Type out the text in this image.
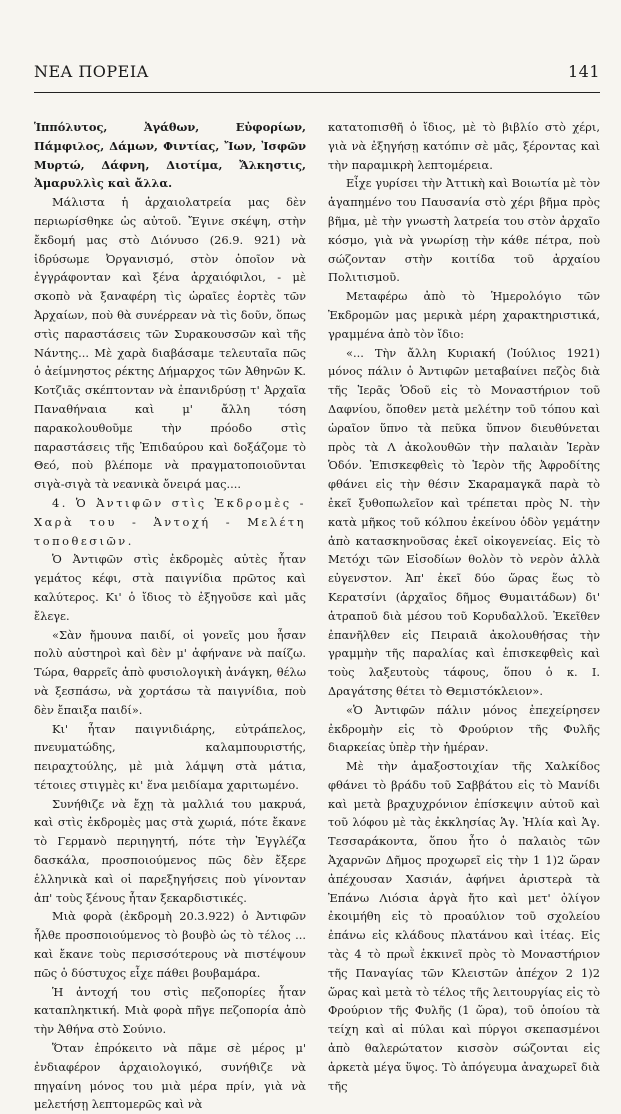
ΝΕΑ ΠΟΡΕΙΑ	141

Ἱππόλυτος, Ἀγάθων, Εὐφορίων, Πάμφιλος, Δάμων, Φιντίας, Ἴων, Ἰσφῶν Μυρτώ, Δάφνη, Διοτίμα, Ἄλκηστις, Ἀμαρυλλὶς καὶ ἄλλα.

Μάλιστα ἡ ἀρχαιολατρεία μας δὲν περιωρίσθηκε ὡς αὐτοῦ. Ἔγινε σκέψη, στὴν ἔκδομή μας στὸ Διόνυσο (26.9. 921) νὰ ἱδρύσωμε Ὀργανισμό, στὸν ὁποῖον νὰ ἐγγράφονταν καὶ ξένα ἀρχαιόφιλοι, - μὲ σκοπὸ νὰ ξαναφέρη τὶς ὡραῖες ἑορτὲς τῶν Ἀρχαίων, ποὺ θὰ συνέρρεαν νὰ τὶς δοῦν, ὅπως στὶς παραστάσεις τῶν Συρακουσσῶν καὶ τῆς Νάντης... Μὲ χαρὰ διαβάσαμε τελευταῖα πῶς ὁ ἀείμνηστος ρέκτης Δήμαρχος τῶν Ἀθηνῶν Κ. Κοτζιᾶς σκέπτονταν νὰ ἐπανιδρύσῃ τ' Ἀρχαῖα Παναθήναια καὶ μ' ἄλλη τόση παρακολουθοῦμε τὴν πρόοδο στὶς παραστάσεις τῆς Ἐπιδαύρου καὶ δοξάζομε τὸ Θεό, ποὺ βλέπομε νὰ πραγματοποιοῦνται σιγὰ-σιγὰ τὰ νεανικὰ ὄνειρά μας....

4. Ὁ Ἀντιφῶν στὶς Ἐκδρομὲς - Χαρὰ του - Ἀντοχή - Μελέτη τοποθεσιῶν.

Ὁ Ἀντιφῶν στὶς ἐκδρομὲς αὐτὲς ἦταν γεμάτος κέφι, στὰ παιγνίδια πρῶτος καὶ καλύτερος. Κι' ὁ ἴδιος τὸ ἐξηγοῦσε καὶ μᾶς ἔλεγε.

«Σὰν ἤμουνα παιδί, οἱ γονεῖς μου ἦσαν πολὺ αὐστηροὶ καὶ δὲν μ' ἀφήνανε νὰ παίζω. Τώρα, θαρρεῖς ἀπὸ φυσιολογικὴ ἀνάγκη, θέλω νὰ ξεσπάσω, νὰ χορτάσω τὰ παιγνίδια, ποὺ δὲν ἔπαιξα παιδί».

Κι' ἦταν παιγνιδιάρης, εὐτράπελος, πνευματώδης, καλαμπουριστής, πειραχτούλης, μὲ μιὰ λάμψη στὰ μάτια, τέτοιες στιγμὲς κι' ἕνα μειδίαμα χαριτωμένο.

Συνήθιζε νὰ ἔχῃ τὰ μαλλιά του μακρυά, καὶ στὶς ἐκδρομὲς μας στὰ χωριά, πότε ἔκανε τὸ Γερμανὸ περιηγητή, πότε τὴν Ἐγγλέζα δασκάλα, προσποιούμενος πῶς δὲν ἔξερε ἑλληνικὰ καὶ οἱ παρεξηγήσεις ποὺ γίνονταν ἀπ' τοὺς ξένους ἦταν ξεκαρδιστικές.

Μιὰ φορὰ (ἐκδρομὴ 20.3.922) ὁ Ἀντιφῶν ἦλθε προσποιούμενος τὸ βουβὸ ὡς τὸ τέλος ... καὶ ἔκανε τοὺς περισσότερους νὰ πιστέψουν πῶς ὁ δύστυχος εἶχε πάθει βουβαμάρα.

Ἡ ἀντοχή του στὶς πεζοπορίες ἦταν καταπληκτική. Μιὰ φορὰ πῆγε πεζοπορία ἀπὸ τὴν Ἀθήνα στὸ Σούνιο.

Ὅταν ἐπρόκειτο νὰ πᾶμε σὲ μέρος μ' ἐνδιαφέρον ἀρχαιολογικό, συνήθιζε νὰ πηγαίνη μόνος του μιὰ μέρα πρίν, γιὰ νὰ μελετήσῃ λεπτομερῶς καὶ νὰ

κατατοπισθῆ ὁ ἴδιος, μὲ τὸ βιβλίο στὸ χέρι, γιὰ νὰ ἐξηγήσῃ κατόπιν σὲ μᾶς, ξέροντας καὶ τὴν παραμικρὴ λεπτομέρεια.

Εἶχε γυρίσει τὴν Ἀττικὴ καὶ Βοιωτία μὲ τὸν ἀγαπημένο του Παυσανία στὸ χέρι βῆμα πρὸς βῆμα, μὲ τὴν γνωστὴ λατρεία του στὸν ἀρχαῖο κόσμο, γιὰ νὰ γνωρίσῃ τὴν κάθε πέτρα, ποὺ σώζονταν στὴν κοιτίδα τοῦ ἀρχαίου Πολιτισμοῦ.

Μεταφέρω ἀπὸ τὸ Ἡμερολόγιο τῶν Ἐκδρομῶν μας μερικὰ μέρη χαρακτηριστικά, γραμμένα ἀπὸ τὸν ἴδιο:

«... Τὴν ἄλλη Κυριακή (Ἰούλιος 1921) μόνος πάλιν ὁ Ἀντιφῶν μεταβαίνει πεζὸς διὰ τῆς Ἱερᾶς Ὁδοῦ εἰς τὸ Μοναστήριον τοῦ Δαφνίου, ὅποθεν μετὰ μελέτην τοῦ τόπου καὶ ὡραῖον ὕπνο τὰ πεῦκα ὕπνον διευθύνεται πρὸς τὰ Λ ἀκολουθῶν τὴν παλαιὰν Ἱερὰν Ὁδόν. Ἐπισκεφθεὶς τὸ Ἱερὸν τῆς Ἀφροδίτης φθάνει εἰς τὴν θέσιν Σκαραμαγκᾶ παρὰ τὸ ἐκεῖ ξυθοπωλεῖον καὶ τρέπεται πρὸς Ν. τὴν κατὰ μῆκος τοῦ κόλπου ἐκείνου ὁδὸν γεμάτην ἀπὸ κατασκηνοῦσας ἐκεῖ οἰκογενείας. Εἰς τὸ Μετόχι τῶν Εἰσοδίων θολὸν τὸ νερὸν ἀλλὰ εὐγενστον. Ἀπ' ἐκεῖ δύο ὥρας ἕως τὸ Κερατσίνι (ἀρχαῖος δῆμος Θυμαιτάδων) δι' ἀτραποῦ διὰ μέσου τοῦ Κορυδαλλοῦ. Ἐκεῖθεν ἐπανῆλθεν εἰς Πειραιᾶ ἀκολουθήσας τὴν γραμμὴν τῆς παραλίας καὶ ἐπισκεφθεὶς καὶ τοὺς λαξευτοὺς τάφους, ὅπου ὁ κ. Ι. Δραγάτσης θέτει τὸ Θεμιστόκλειον».

«Ὁ Ἀντιφῶν πάλιν μόνος ἐπεχείρησεν ἐκδρομὴν εἰς τὸ Φρούριον τῆς Φυλῆς διαρκείας ὑπὲρ τὴν ἡμέραν.

Μὲ τὴν ἁμαξοστοιχίαν τῆς Χαλκίδος φθάνει τὸ βράδυ τοῦ Σαββάτου εἰς τὸ Μανίδι καὶ μετὰ βραχυχρόνιον ἐπίσκεψιν αὐτοῦ καὶ τοῦ λόφου μὲ τὰς ἐκκλησίας Ἁγ. Ἠλία καὶ Ἁγ. Τεσσαράκοντα, ὅπου ἦτο ὁ παλαιὸς τῶν Ἀχαρνῶν Δῆμος προχωρεῖ εἰς τὴν 1 1)2 ὥραν ἀπέχουσαν Χασιάν, ἀφήνει ἀριστερὰ τὰ Ἐπάνω Λιόσια ἀργὰ ἤτο καὶ μετ' ὀλίγον ἐκοιμήθη εἰς τὸ προαύλιον τοῦ σχολείου ἐπάνω εἰς κλάδους πλατάνου καὶ ἰτέας. Εἰς τὰς 4 τὸ πρωῒ ἐκκινεῖ πρὸς τὸ Μοναστήριον τῆς Παναγίας τῶν Κλειστῶν ἀπέχον 2 1)2 ὥρας καὶ μετὰ τὸ τέλος τῆς λειτουργίας εἰς τὸ Φρούριον τῆς Φυλῆς (1 ὥρα), τοῦ ὁποίου τὰ τείχη καὶ αἱ πύλαι καὶ πύργοι σκεπασμένοι ἀπὸ θαλερώτατον κισσὸν σώζονται εἰς ἀρκετὰ μέγα ὕψος. Τὸ ἀπόγευμα ἀναχωρεῖ διὰ τῆς
